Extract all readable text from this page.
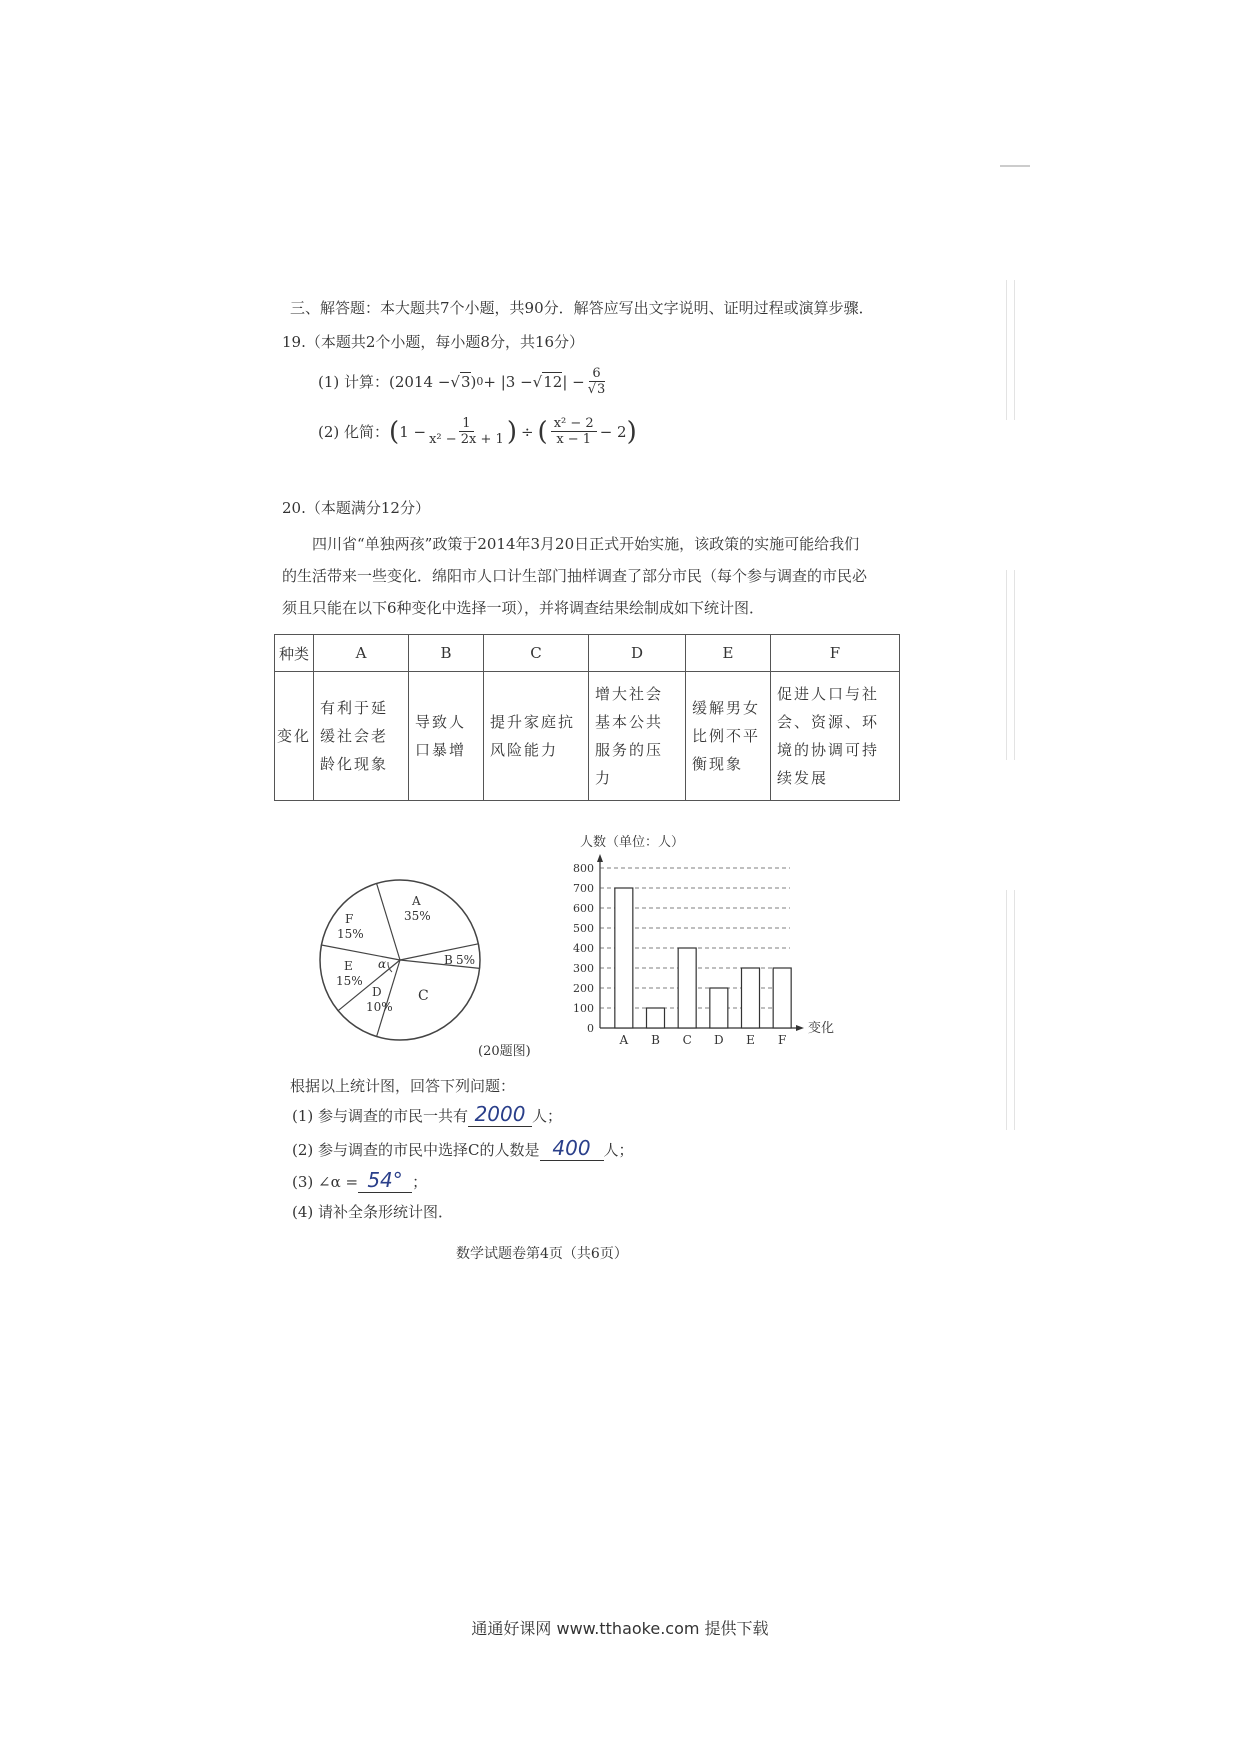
三、解答题：本大题共7个小题，共90分．解答应写出文字说明、证明过程或演算步骤．
19.（本题共2个小题，每小题8分，共16分）
(1) 计算： (2014 − √3 ) 0 + |3 − √12 | − $\frac{6}{√3}$
(2) 化简： ( $1 - \frac{1}{\text{x² − 2x + 1}}$ ) ÷ ( $\frac{\text{x² − 2}}{x - 1} - 2$ )
20.（本题满分12分）
四川省“单独两孩”政策于2014年3月20日正式开始实施，该政策的实施可能给我们
的生活带来一些变化．绵阳市人口计生部门抽样调查了部分市民（每个参与调查的市民必
须且只能在以下6种变化中选择一项），并将调查结果绘制成如下统计图．
种类	A	B	C	D	E	F
变化	有利于延缓社会老龄化现象	导致人口暴增	提升家庭抗风险能力	增大社会基本公共服务的压力	缓解男女比例不平衡现象	促进人口与社会、资源、环境的协调可持续发展
α
A
35%
B 5%
C
D
10%
E
15%
F
15%
人数（单位：人）
变化
0
100
200
300
400
500
600
700
800
A B C D E F
(20题图)
根据以上统计图，回答下列问题：
(1) 参与调查的市民一共有 2000 人；
(2) 参与调查的市民中选择C的人数是 400 人；
(3) ∠α = 54° ；
(4) 请补全条形统计图．
数学试题卷第4页（共6页）
通通好课网 www.tthaoke.com 提供下载
